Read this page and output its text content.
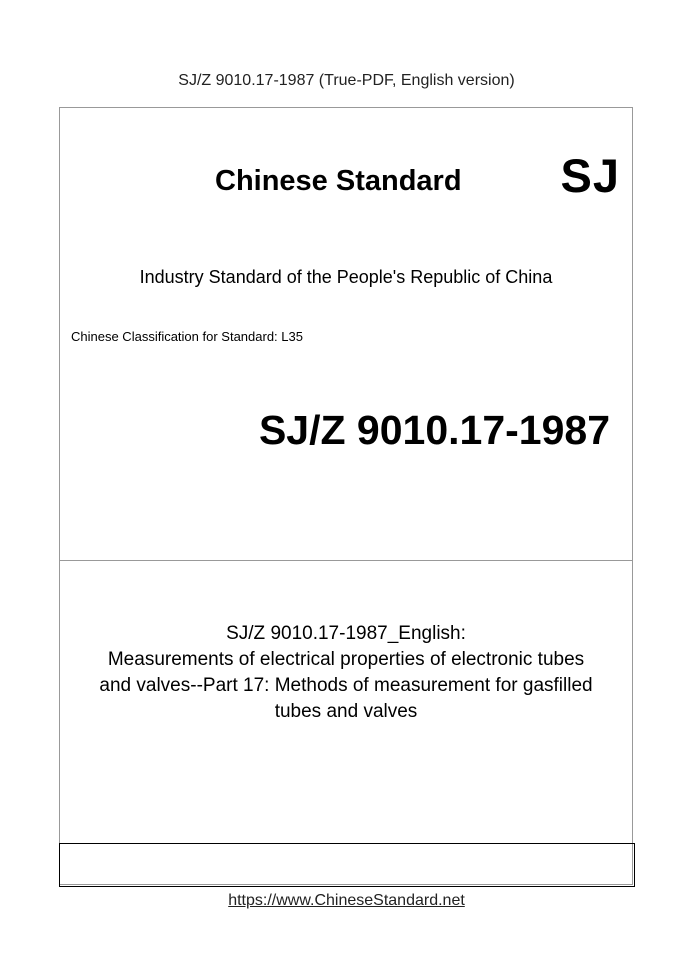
SJ/Z 9010.17-1987 (True-PDF, English version)
Chinese Standard SJ
Industry Standard of the People's Republic of China
Chinese Classification for Standard: L35
SJ/Z 9010.17-1987
SJ/Z 9010.17-1987_English:
Measurements of electrical properties of electronic tubes
and valves--Part 17: Methods of measurement for gasfilled
tubes and valves
https://www.ChineseStandard.net
